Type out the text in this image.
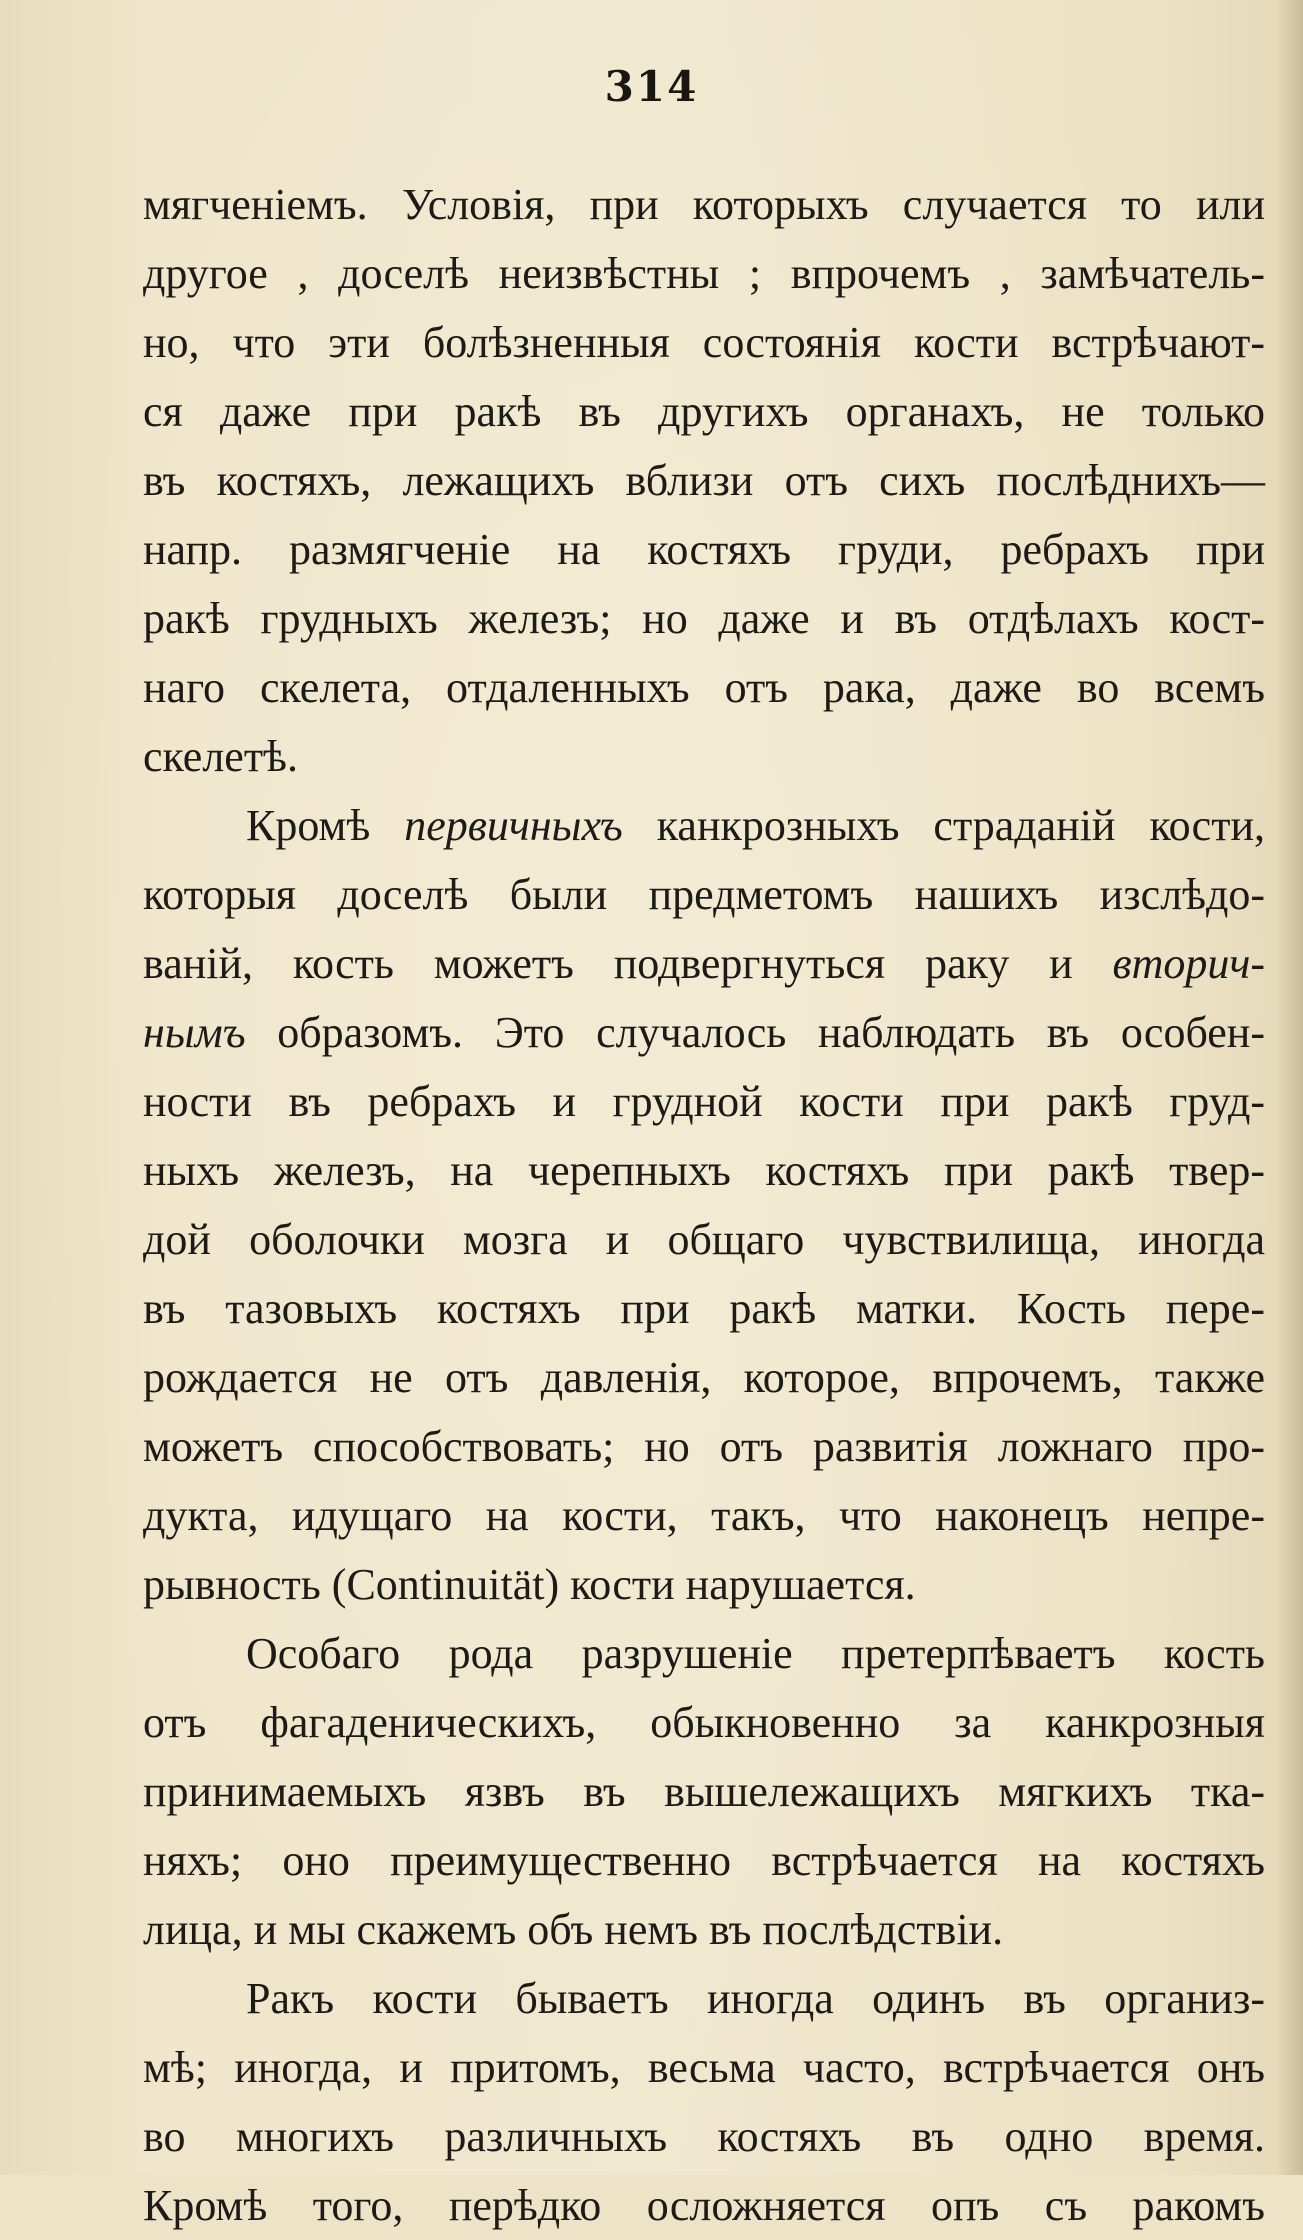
314
мягченіемъ. Условія, при которыхъ случается то или
другое , доселѣ неизвѣстны ; впрочемъ , замѣчатель-
но, что эти болѣзненныя состоянія кости встрѣчают-
ся даже при ракѣ въ другихъ органахъ, не только
въ костяхъ, лежащихъ вблизи отъ сихъ послѣднихъ—
напр. размягченіе на костяхъ груди, ребрахъ при
ракѣ грудныхъ железъ; но даже и въ отдѣлахъ кост-
наго скелета, отдаленныхъ отъ рака, даже во всемъ
скелетѣ.
Кромѣ первичныхъ канкрозныхъ страданій кости,
которыя доселѣ были предметомъ нашихъ изслѣдо-
ваній, кость можетъ подвергнуться раку и вторич-
нымъ образомъ. Это случалось наблюдать въ особен-
ности въ ребрахъ и грудной кости при ракѣ груд-
ныхъ железъ, на черепныхъ костяхъ при ракѣ твер-
дой оболочки мозга и общаго чувствилища, иногда
въ тазовыхъ костяхъ при ракѣ матки. Кость пере-
рождается не отъ давленія, которое, впрочемъ, также
можетъ способствовать; но отъ развитія ложнаго про-
дукта, идущаго на кости, такъ, что наконецъ непре-
рывность (Continuität) кости нарушается.
Особаго рода разрушеніе претерпѣваетъ кость
отъ фагаденическихъ, обыкновенно за канкрозныя
принимаемыхъ язвъ въ вышележащихъ мягкихъ тка-
няхъ; оно преимущественно встрѣчается на костяхъ
лица, и мы скажемъ объ немъ въ послѣдствіи.
Ракъ кости бываетъ иногда одинъ въ организ-
мѣ; иногда, и притомъ, весьма часто, встрѣчается онъ
во многихъ различныхъ костяхъ въ одно время.
Кромѣ того, перѣдко осложняется опъ съ ракомъ
